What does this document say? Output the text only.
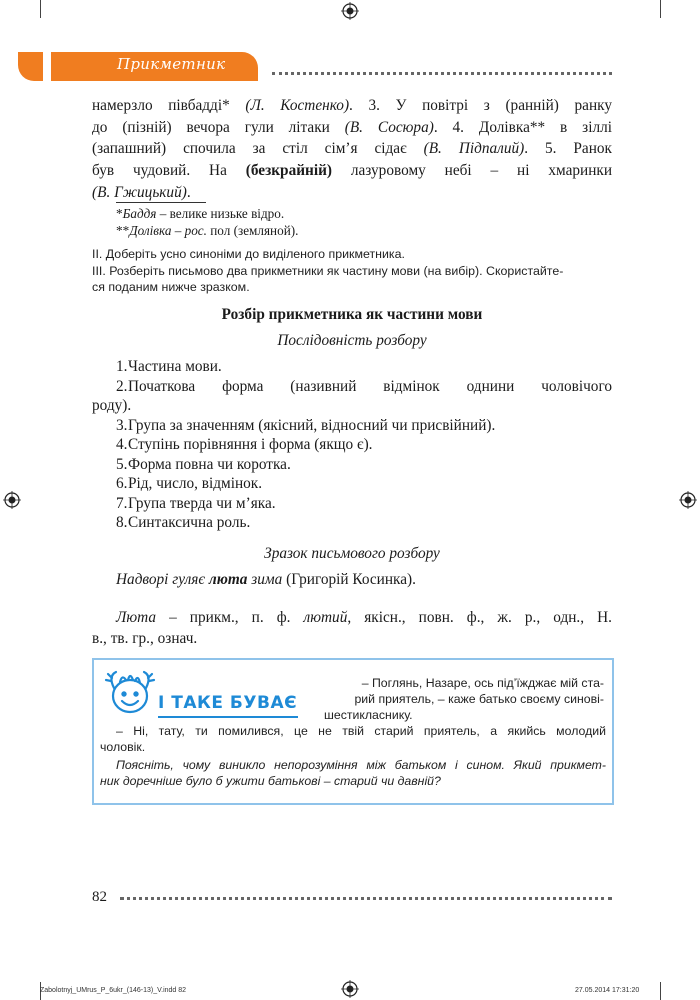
Прикметник

намерзло півбадді* (Л. Костенко). 3. У повітрі з (ранній) ранку

до (пізній) вечора гули літаки (В. Сосюра). 4. Долівка** в зіллі

(запашний) спочила за стіл сім’я сідає (В. Підпалий). 5. Ранок

був чудовий. На (безкрайній) лазуровому небі – ні хмаринки

(В. Гжицький).

*Баддя – велике низьке відро.
**Долівка – рос. пол (земляной).
ІІ. Доберіть усно синоніми до виділеного прикметника.
ІІІ. Розберіть письмово два прикметники як частину мови (на вибір). Скористайте-
ся поданим нижче зразком.
Розбір прикметника як частини мови
Послідовність розбору
1.Частина мови.
2.Початкова форма (називний відмінок однини чоловічого
роду).
3.Група за значенням (якісний, відносний чи присвійний).
4.Ступінь порівняння і форма (якщо є).
5.Форма повна чи коротка.
6.Рід, число, відмінок.
7.Група тверда чи м’яка.
8.Синтаксична роль.
Зразок письмового розбору
Надворі гуляє люта зима (Григорій Косинка).
Люта – прикм., п. ф. лютий, якісн., повн. ф., ж. р., одн., Н.
в., тв. гр., означ.
І ТАКЕ БУВАЄ
– Поглянь, Назаре, ось під’їжджає мій ста-
рий приятель, – каже батько своєму синові-
шестикласнику.
– Ні, тату, ти помилився, це не твій старий приятель, а якийсь молодий
чоловік.
Поясніть, чому виникло непорозуміння між батьком і сином. Який прикмет-
ник доречніше було б ужити батькові – старий чи давній?
82
Zabolotnyj_UMrus_P_6ukr_(146-13)_V.indd 82	27.05.2014 17:31:20
